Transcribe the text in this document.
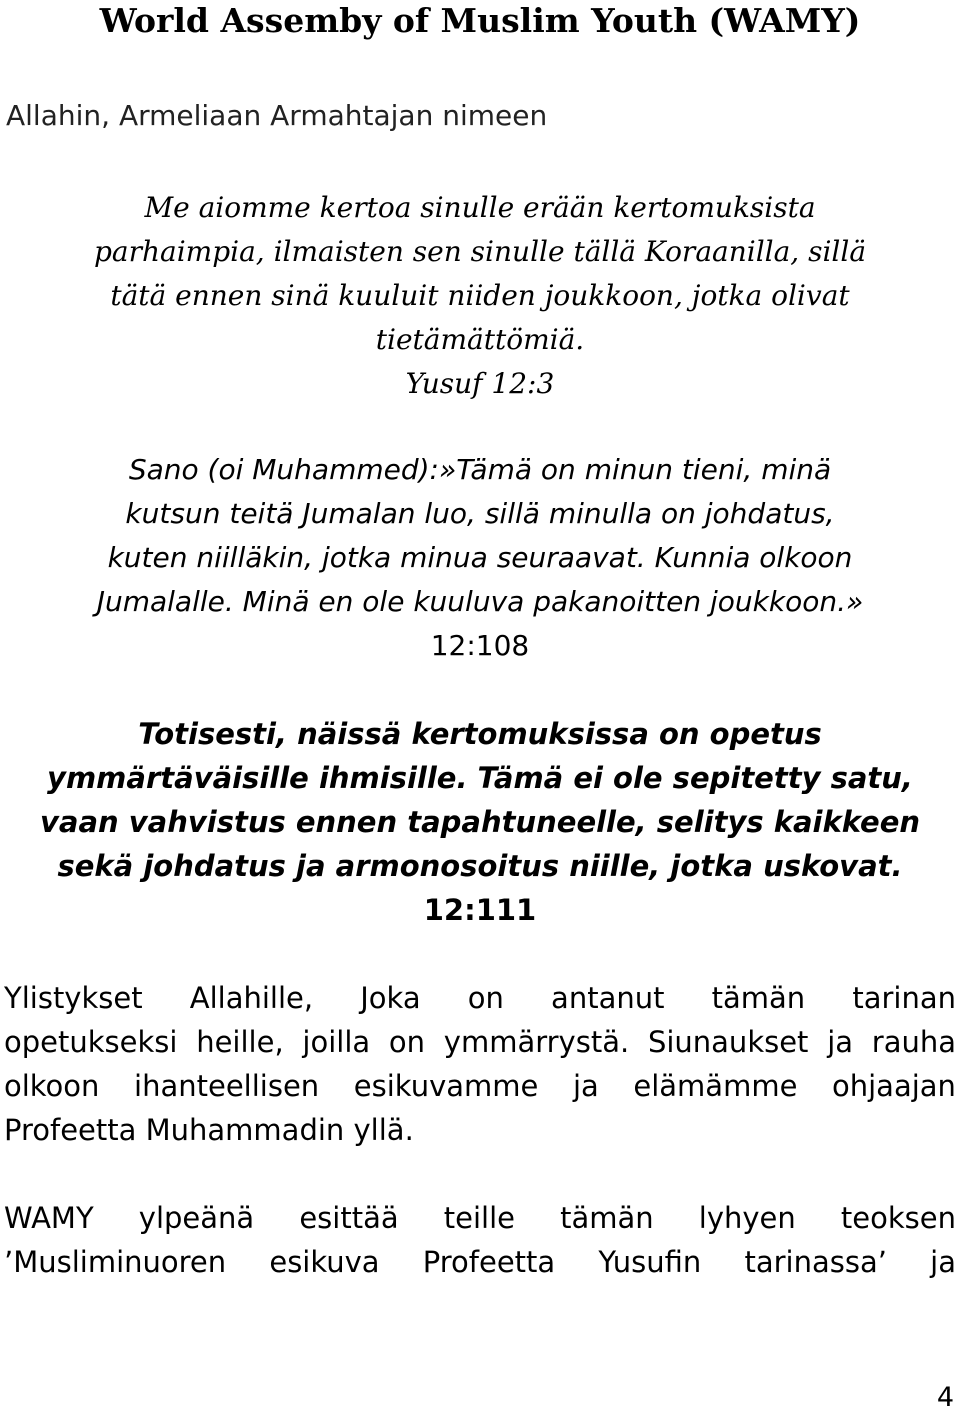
World Assemby of Muslim Youth (WAMY)
Allahin, Armeliaan Armahtajan nimeen
Me aiomme kertoa sinulle erään kertomuksista
parhaimpia, ilmaisten sen sinulle tällä Koraanilla, sillä
tätä ennen sinä kuuluit niiden joukkoon, jotka olivat
tietämättömiä.
Yusuf 12:3
Sano (oi Muhammed):»Tämä on minun tieni, minä
kutsun teitä Jumalan luo, sillä minulla on johdatus,
kuten niilläkin, jotka minua seuraavat. Kunnia olkoon
Jumalalle. Minä en ole kuuluva pakanoitten joukkoon.»
12:108
Totisesti, näissä kertomuksissa on opetus
ymmärtäväisille ihmisille. Tämä ei ole sepitetty satu,
vaan vahvistus ennen tapahtuneelle, selitys kaikkeen
sekä johdatus ja armonosoitus niille, jotka uskovat.
12:111
Ylistykset Allahille, Joka on antanut tämän tarinan
opetukseksi heille, joilla on ymmärrystä. Siunaukset ja rauha
olkoon ihanteellisen esikuvamme ja elämämme ohjaajan
Profeetta Muhammadin yllä.
WAMY ylpeänä esittää teille tämän lyhyen teoksen
’Musliminuoren esikuva Profeetta Yusufin tarinassa’ ja
4
